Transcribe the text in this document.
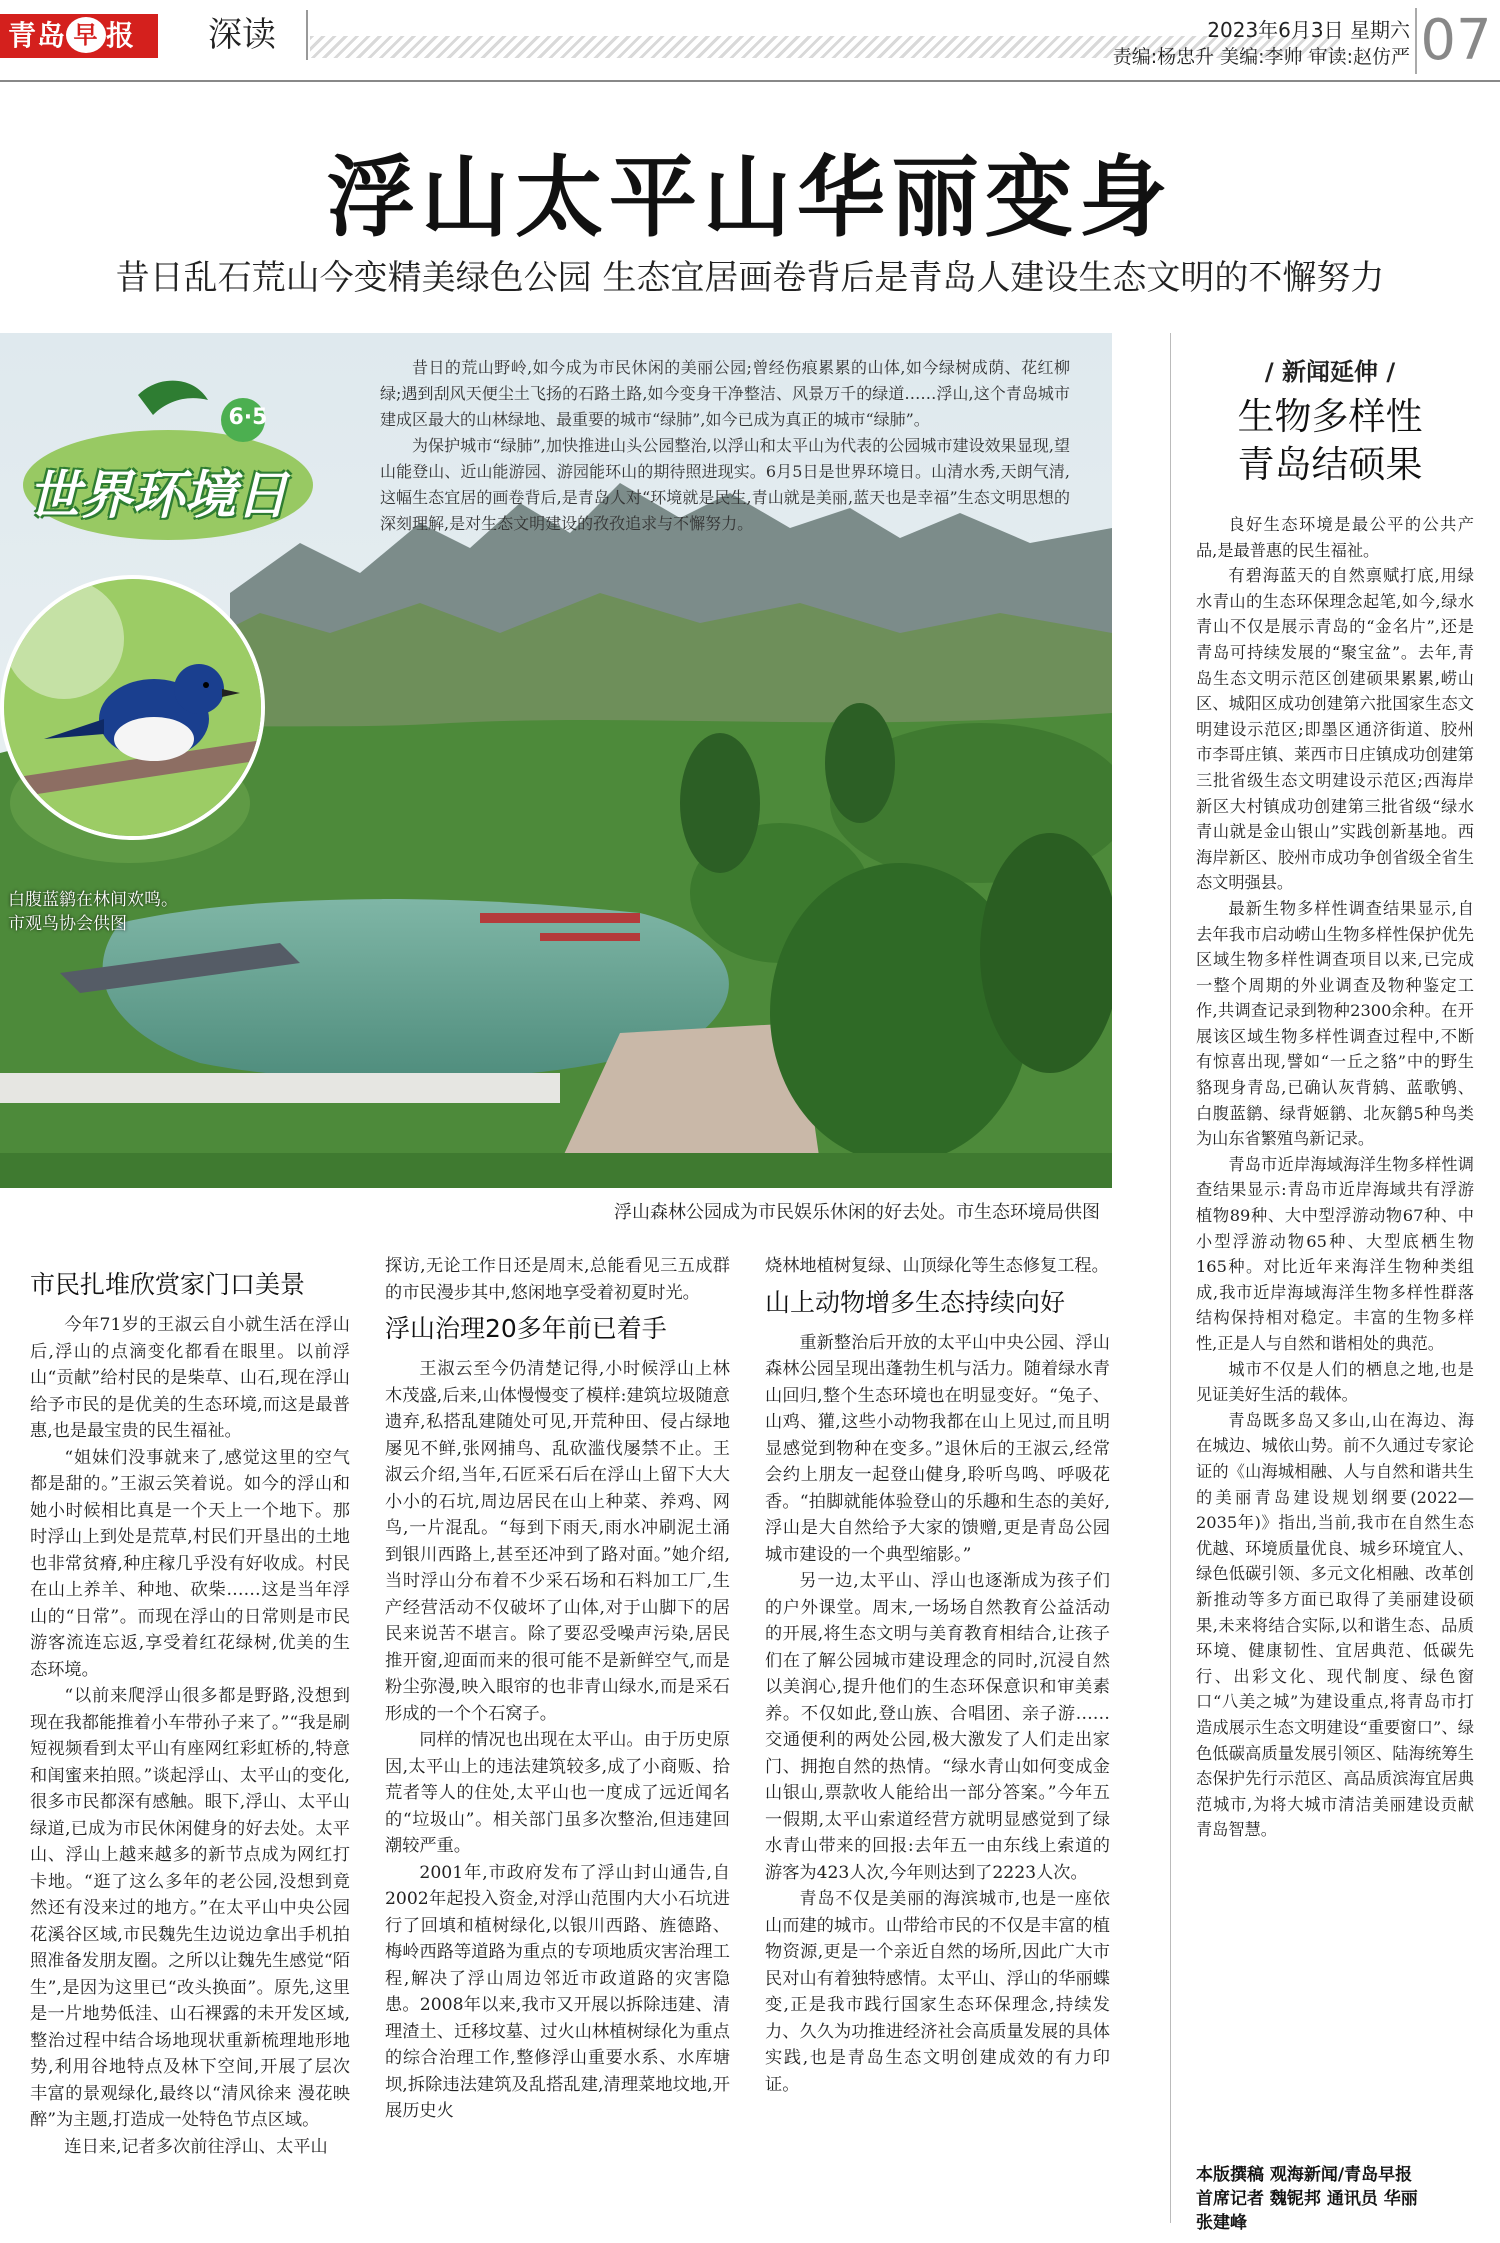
青岛 早 报	深读	2023年6月3日 星期六
责编:杨忠升 美编:李帅 审读:赵仿严 07
浮山太平山华丽变身
昔日乱石荒山今变精美绿色公园 生态宜居画卷背后是青岛人建设生态文明的不懈努力

昔日的荒山野岭,如今成为市民休闲的美丽公园;曾经伤痕累累的山体,如今绿树成荫、花红柳绿;遇到刮风天便尘土飞扬的石路土路,如今变身干净整洁、风景万千的绿道……浮山,这个青岛城市建成区最大的山林绿地、最重要的城市“绿肺”,如今已成为真正的城市“绿肺”。

为保护城市“绿肺”,加快推进山头公园整治,以浮山和太平山为代表的公园城市建设效果显现,望山能登山、近山能游园、游园能环山的期待照进现实。6月5日是世界环境日。山清水秀,天朗气清,这幅生态宜居的画卷背后,是青岛人对“环境就是民生,青山就是美丽,蓝天也是幸福”生态文明思想的深刻理解,是对生态文明建设的孜孜追求与不懈努力。

6·5
世界环境日
白腹蓝鹟在林间欢鸣。
市观鸟协会供图
浮山森林公园成为市民娱乐休闲的好去处。市生态环境局供图
/ 新闻延伸 /
生物多样性
青岛结硕果

良好生态环境是最公平的公共产品,是最普惠的民生福祉。

有碧海蓝天的自然禀赋打底,用绿水青山的生态环保理念起笔,如今,绿水青山不仅是展示青岛的“金名片”,还是青岛可持续发展的“聚宝盆”。去年,青岛生态文明示范区创建硕果累累,崂山区、城阳区成功创建第六批国家生态文明建设示范区;即墨区通济街道、胶州市李哥庄镇、莱西市日庄镇成功创建第三批省级生态文明建设示范区;西海岸新区大村镇成功创建第三批省级“绿水青山就是金山银山”实践创新基地。西海岸新区、胶州市成功争创省级全省生态文明强县。

最新生物多样性调查结果显示,自去年我市启动崂山生物多样性保护优先区域生物多样性调查项目以来,已完成一整个周期的外业调查及物种鉴定工作,共调查记录到物种2300余种。在开展该区域生物多样性调查过程中,不断有惊喜出现,譬如“一丘之貉”中的野生貉现身青岛,已确认灰背鸫、蓝歌鸲、白腹蓝鹟、绿背姬鹟、北灰鹟5种鸟类为山东省繁殖鸟新记录。

青岛市近岸海域海洋生物多样性调查结果显示:青岛市近岸海域共有浮游植物89种、大中型浮游动物67种、中小型浮游动物65种、大型底栖生物165种。对比近年来海洋生物种类组成,我市近岸海域海洋生物多样性群落结构保持相对稳定。丰富的生物多样性,正是人与自然和谐相处的典范。

城市不仅是人们的栖息之地,也是见证美好生活的载体。

青岛既多岛又多山,山在海边、海在城边、城依山势。前不久通过专家论证的《山海城相融、人与自然和谐共生的美丽青岛建设规划纲要(2022—2035年)》指出,当前,我市在自然生态优越、环境质量优良、城乡环境宜人、绿色低碳引领、多元文化相融、改革创新推动等多方面已取得了美丽建设硕果,未来将结合实际,以和谐生态、品质环境、健康韧性、宜居典范、低碳先行、出彩文化、现代制度、绿色窗口“八美之城”为建设重点,将青岛市打造成展示生态文明建设“重要窗口”、绿色低碳高质量发展引领区、陆海统筹生态保护先行示范区、高品质滨海宜居典范城市,为将大城市清洁美丽建设贡献青岛智慧。

本版撰稿 观海新闻/青岛早报
首席记者 魏铌邦 通讯员 华丽
张建峰
市民扎堆欣赏家门口美景

今年71岁的王淑云自小就生活在浮山后,浮山的点滴变化都看在眼里。以前浮山“贡献”给村民的是柴草、山石,现在浮山给予市民的是优美的生态环境,而这是最普惠,也是最宝贵的民生福祉。

“姐妹们没事就来了,感觉这里的空气都是甜的。”王淑云笑着说。如今的浮山和她小时候相比真是一个天上一个地下。那时浮山上到处是荒草,村民们开垦出的土地也非常贫瘠,种庄稼几乎没有好收成。村民在山上养羊、种地、砍柴……这是当年浮山的“日常”。而现在浮山的日常则是市民游客流连忘返,享受着红花绿树,优美的生态环境。

“以前来爬浮山很多都是野路,没想到现在我都能推着小车带孙子来了。”“我是刷短视频看到太平山有座网红彩虹桥的,特意和闺蜜来拍照。”谈起浮山、太平山的变化,很多市民都深有感触。眼下,浮山、太平山绿道,已成为市民休闲健身的好去处。太平山、浮山上越来越多的新节点成为网红打卡地。“逛了这么多年的老公园,没想到竟然还有没来过的地方。”在太平山中央公园花溪谷区域,市民魏先生边说边拿出手机拍照准备发朋友圈。之所以让魏先生感觉“陌生”,是因为这里已“改头换面”。原先,这里是一片地势低洼、山石裸露的未开发区域,整治过程中结合场地现状重新梳理地形地势,利用谷地特点及林下空间,开展了层次丰富的景观绿化,最终以“清风徐来 漫花映醉”为主题,打造成一处特色节点区域。

连日来,记者多次前往浮山、太平山

探访,无论工作日还是周末,总能看见三五成群的市民漫步其中,悠闲地享受着初夏时光。

浮山治理20多年前已着手

王淑云至今仍清楚记得,小时候浮山上林木茂盛,后来,山体慢慢变了模样:建筑垃圾随意遗弃,私搭乱建随处可见,开荒种田、侵占绿地屡见不鲜,张网捕鸟、乱砍滥伐屡禁不止。王淑云介绍,当年,石匠采石后在浮山上留下大大小小的石坑,周边居民在山上种菜、养鸡、网鸟,一片混乱。“每到下雨天,雨水冲刷泥土涌到银川西路上,甚至还冲到了路对面。”她介绍,当时浮山分布着不少采石场和石料加工厂,生产经营活动不仅破坏了山体,对于山脚下的居民来说苦不堪言。除了要忍受噪声污染,居民推开窗,迎面而来的很可能不是新鲜空气,而是粉尘弥漫,映入眼帘的也非青山绿水,而是采石形成的一个个石窝子。

同样的情况也出现在太平山。由于历史原因,太平山上的违法建筑较多,成了小商贩、拾荒者等人的住处,太平山也一度成了远近闻名的“垃圾山”。相关部门虽多次整治,但违建回潮较严重。

2001年,市政府发布了浮山封山通告,自2002年起投入资金,对浮山范围内大小石坑进行了回填和植树绿化,以银川西路、旌德路、梅岭西路等道路为重点的专项地质灾害治理工程,解决了浮山周边邻近市政道路的灾害隐患。2008年以来,我市又开展以拆除违建、清理渣土、迁移坟墓、过火山林植树绿化为重点的综合治理工作,整修浮山重要水系、水库塘坝,拆除违法建筑及乱搭乱建,清理菜地坟地,开展历史火

烧林地植树复绿、山顶绿化等生态修复工程。

山上动物增多生态持续向好

重新整治后开放的太平山中央公园、浮山森林公园呈现出蓬勃生机与活力。随着绿水青山回归,整个生态环境也在明显变好。“兔子、山鸡、獾,这些小动物我都在山上见过,而且明显感觉到物种在变多。”退休后的王淑云,经常会约上朋友一起登山健身,聆听鸟鸣、呼吸花香。“拍脚就能体验登山的乐趣和生态的美好,浮山是大自然给予大家的馈赠,更是青岛公园城市建设的一个典型缩影。”

另一边,太平山、浮山也逐渐成为孩子们的户外课堂。周末,一场场自然教育公益活动的开展,将生态文明与美育教育相结合,让孩子们在了解公园城市建设理念的同时,沉浸自然以美润心,提升他们的生态环保意识和审美素养。不仅如此,登山族、合唱团、亲子游……交通便利的两处公园,极大激发了人们走出家门、拥抱自然的热情。“绿水青山如何变成金山银山,票款收人能给出一部分答案。”今年五一假期,太平山索道经营方就明显感觉到了绿水青山带来的回报:去年五一由东线上索道的游客为423人次,今年则达到了2223人次。

青岛不仅是美丽的海滨城市,也是一座依山而建的城市。山带给市民的不仅是丰富的植物资源,更是一个亲近自然的场所,因此广大市民对山有着独特感情。太平山、浮山的华丽蝶变,正是我市践行国家生态环保理念,持续发力、久久为功推进经济社会高质量发展的具体实践,也是青岛生态文明创建成效的有力印证。
